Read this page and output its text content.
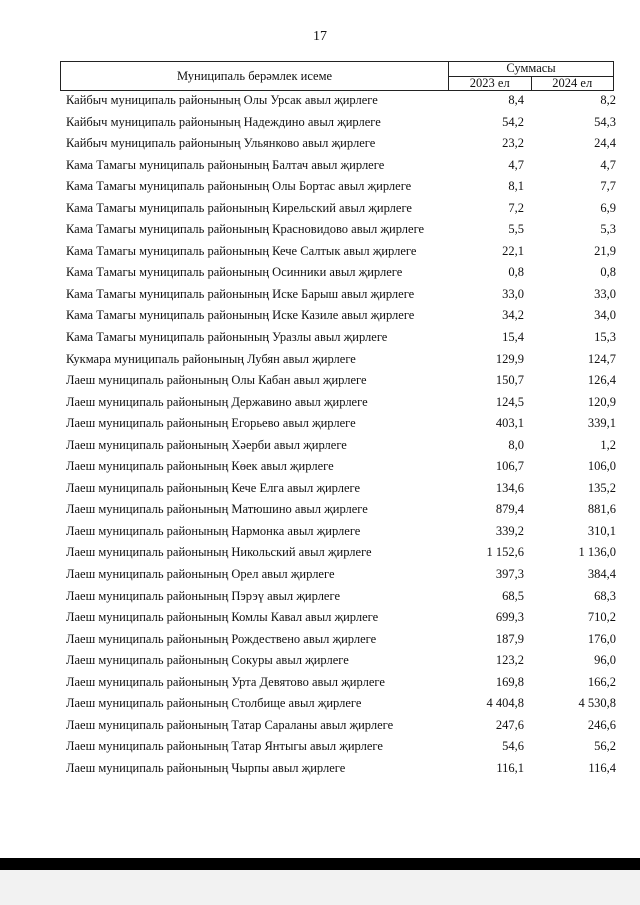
17
Муниципаль берәмлек исеме	Суммасы	
	2023 ел	2024 ел
Кайбыч муниципаль районының Олы Урсак авыл җирлеге	8,4	8,2
Кайбыч муниципаль районының Надеждино авыл җирлеге	54,2	54,3
Кайбыч муниципаль районының Ульянково авыл җирлеге	23,2	24,4
Кама Тамагы муниципаль районының Балтач авыл җирлеге	4,7	4,7
Кама Тамагы муниципаль районының Олы Бортас авыл җирлеге	8,1	7,7
Кама Тамагы муниципаль районының Кирельский авыл җирлеге	7,2	6,9
Кама Тамагы муниципаль районының Красновидово авыл җирлеге	5,5	5,3
Кама Тамагы муниципаль районының Кече Салтык авыл җирлеге	22,1	21,9
Кама Тамагы муниципаль районының Осинники авыл җирлеге	0,8	0,8
Кама Тамагы муниципаль районының Иске Барыш авыл җирлеге	33,0	33,0
Кама Тамагы муниципаль районының Иске Казиле авыл җирлеге	34,2	34,0
Кама Тамагы муниципаль районының Уразлы авыл җирлеге	15,4	15,3
Кукмара муниципаль районының Лубян авыл җирлеге	129,9	124,7
Лаеш муниципаль районының Олы Кабан авыл җирлеге	150,7	126,4
Лаеш муниципаль районының Державино авыл җирлеге	124,5	120,9
Лаеш муниципаль районының Егорьево авыл җирлеге	403,1	339,1
Лаеш муниципаль районының Хәерби авыл җирлеге	8,0	1,2
Лаеш муниципаль районының Көек авыл җирлеге	106,7	106,0
Лаеш муниципаль районының Кече Елга авыл җирлеге	134,6	135,2
Лаеш муниципаль районының Матюшино авыл җирлеге	879,4	881,6
Лаеш муниципаль районының Нармонка авыл җирлеге	339,2	310,1
Лаеш муниципаль районының Никольский авыл җирлеге	1 152,6	1 136,0
Лаеш муниципаль районының Орел авыл җирлеге	397,3	384,4
Лаеш муниципаль районының Пэрэү авыл җирлеге	68,5	68,3
Лаеш муниципаль районының Комлы Кавал авыл җирлеге	699,3	710,2
Лаеш муниципаль районының Рождествено авыл җирлеге	187,9	176,0
Лаеш муниципаль районының Сокуры авыл җирлеге	123,2	96,0
Лаеш муниципаль районының Урта Девятово авыл җирлеге	169,8	166,2
Лаеш муниципаль районының Столбище авыл җирлеге	4 404,8	4 530,8
Лаеш муниципаль районының Татар Сараланы авыл җирлеге	247,6	246,6
Лаеш муниципаль районының Татар Янтыгы авыл җирлеге	54,6	56,2
Лаеш муниципаль районының Чырпы авыл җирлеге	116,1	116,4
